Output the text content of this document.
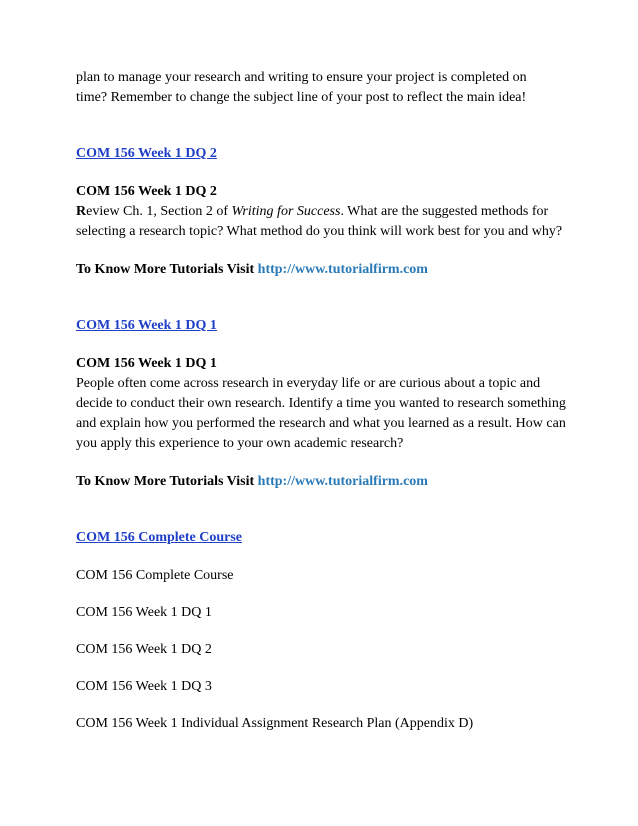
plan to manage your research and writing to ensure your project is completed on
time? Remember to change the subject line of your post to reflect the main idea!

COM 156 Week 1 DQ 2

COM 156 Week 1 DQ 2
Review Ch. 1, Section 2 of Writing for Success. What are the suggested methods for selecting a research topic? What method do you think will work best for you and why?

To Know More Tutorials Visit http://www.tutorialfirm.com

COM 156 Week 1 DQ 1

COM 156 Week 1 DQ 1
People often come across research in everyday life or are curious about a topic and decide to conduct their own research. Identify a time you wanted to research something and explain how you performed the research and what you learned as a result. How can you apply this experience to your own academic research?

To Know More Tutorials Visit http://www.tutorialfirm.com

COM 156 Complete Course

COM 156 Complete Course

COM 156 Week 1 DQ 1

COM 156 Week 1 DQ 2

COM 156 Week 1 DQ 3

COM 156 Week 1 Individual Assignment Research Plan (Appendix D)
